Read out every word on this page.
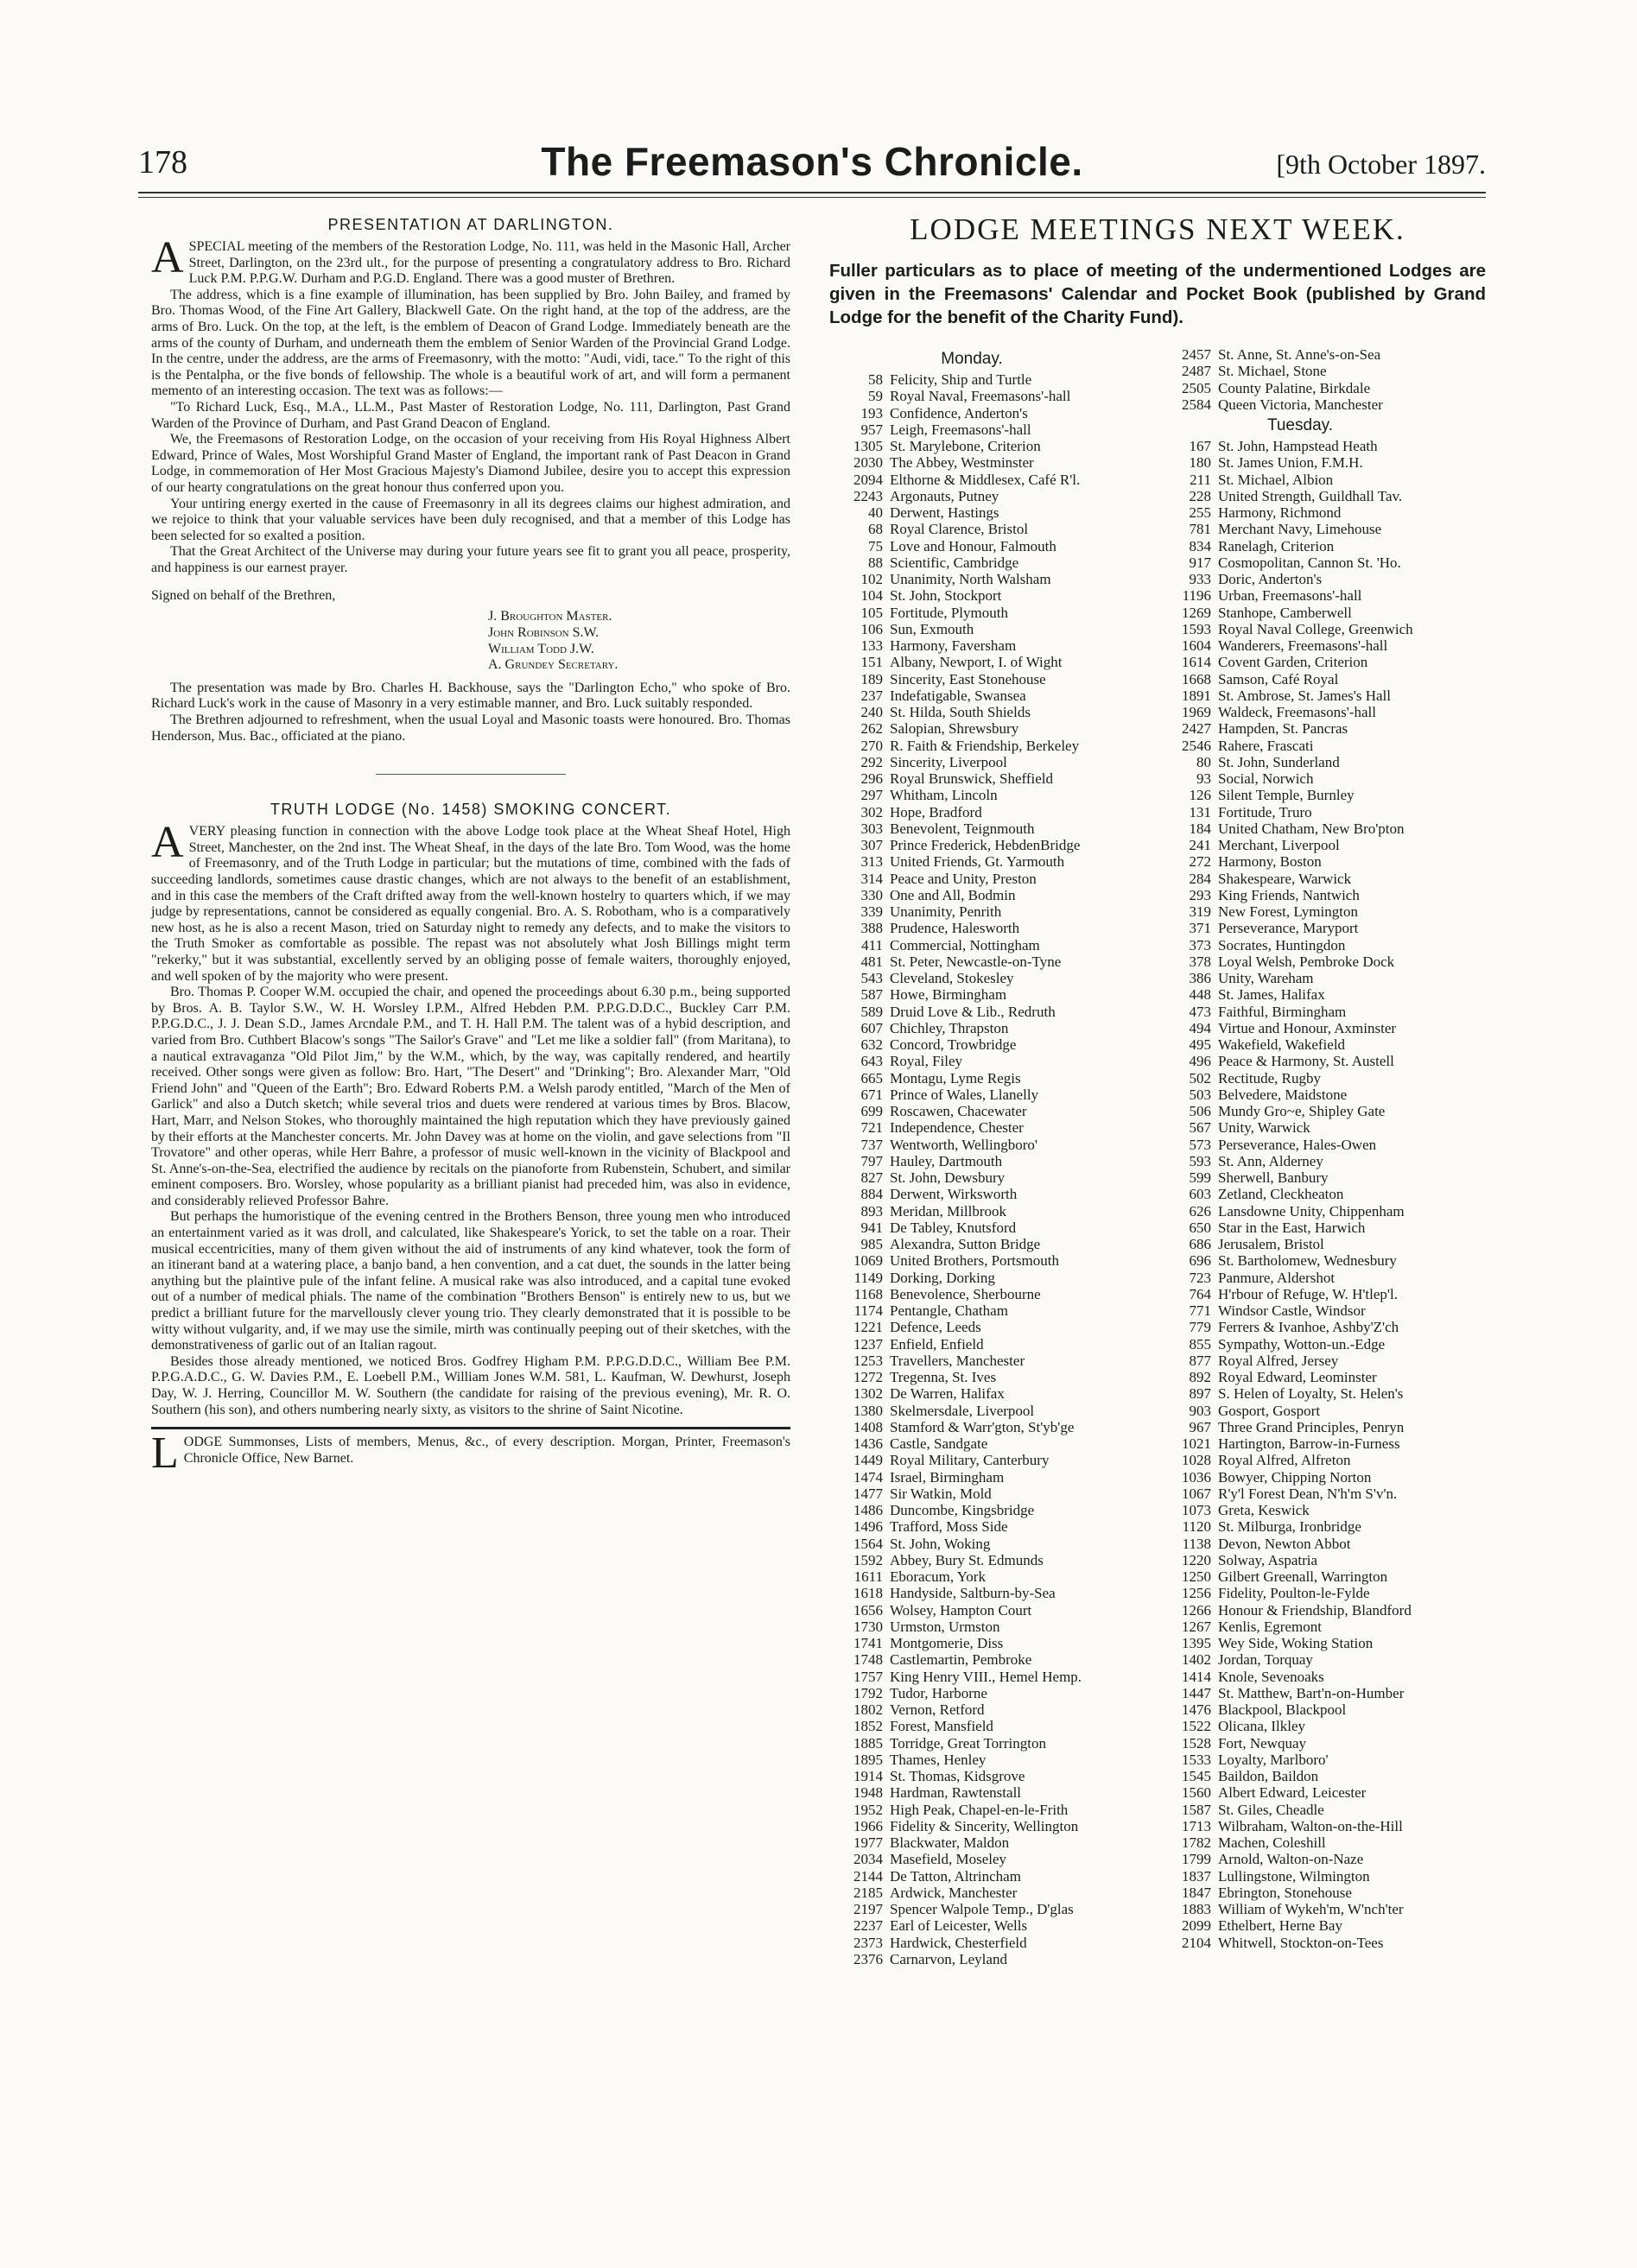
178	The Freemason's Chronicle.	[9th October 1897.
PRESENTATION AT DARLINGTON.

ASPECIAL meeting of the members of the Restoration Lodge, No. 111, was held in the Masonic Hall, Archer Street, Darlington, on the 23rd ult., for the purpose of presenting a congratulatory address to Bro. Richard Luck P.M. P.P.G.W. Durham and P.G.D. England. There was a good muster of Brethren.

The address, which is a fine example of illumination, has been supplied by Bro. John Bailey, and framed by Bro. Thomas Wood, of the Fine Art Gallery, Blackwell Gate. On the right hand, at the top of the address, are the arms of Bro. Luck. On the top, at the left, is the emblem of Deacon of Grand Lodge. Immediately beneath are the arms of the county of Durham, and underneath them the emblem of Senior Warden of the Provincial Grand Lodge. In the centre, under the address, are the arms of Freemasonry, with the motto: "Audi, vidi, tace." To the right of this is the Pentalpha, or the five bonds of fellowship. The whole is a beautiful work of art, and will form a permanent memento of an interesting occasion. The text was as follows:—

"To Richard Luck, Esq., M.A., LL.M., Past Master of Restoration Lodge, No. 111, Darlington, Past Grand Warden of the Province of Durham, and Past Grand Deacon of England.

We, the Freemasons of Restoration Lodge, on the occasion of your receiving from His Royal Highness Albert Edward, Prince of Wales, Most Worshipful Grand Master of England, the important rank of Past Deacon in Grand Lodge, in commemoration of Her Most Gracious Majesty's Diamond Jubilee, desire you to accept this expression of our hearty congratulations on the great honour thus conferred upon you.

Your untiring energy exerted in the cause of Freemasonry in all its degrees claims our highest admiration, and we rejoice to think that your valuable services have been duly recognised, and that a member of this Lodge has been selected for so exalted a position.

That the Great Architect of the Universe may during your future years see fit to grant you all peace, prosperity, and happiness is our earnest prayer.

Signed on behalf of the Brethren,
J. Broughton Master.
John Robinson S.W.
William Todd J.W.
A. Grundey Secretary.

The presentation was made by Bro. Charles H. Backhouse, says the "Darlington Echo," who spoke of Bro. Richard Luck's work in the cause of Masonry in a very estimable manner, and Bro. Luck suitably responded.

The Brethren adjourned to refreshment, when the usual Loyal and Masonic toasts were honoured. Bro. Thomas Henderson, Mus. Bac., officiated at the piano.

TRUTH LODGE (No. 1458) SMOKING CONCERT.

AVERY pleasing function in connection with the above Lodge took place at the Wheat Sheaf Hotel, High Street, Manchester, on the 2nd inst. The Wheat Sheaf, in the days of the late Bro. Tom Wood, was the home of Freemasonry, and of the Truth Lodge in particular; but the mutations of time, combined with the fads of succeeding landlords, sometimes cause drastic changes, which are not always to the benefit of an establishment, and in this case the members of the Craft drifted away from the well-known hostelry to quarters which, if we may judge by representations, cannot be considered as equally congenial. Bro. A. S. Robotham, who is a comparatively new host, as he is also a recent Mason, tried on Saturday night to remedy any defects, and to make the visitors to the Truth Smoker as comfortable as possible. The repast was not absolutely what Josh Billings might term "rekerky," but it was substantial, excellently served by an obliging posse of female waiters, thoroughly enjoyed, and well spoken of by the majority who were present.

Bro. Thomas P. Cooper W.M. occupied the chair, and opened the proceedings about 6.30 p.m., being supported by Bros. A. B. Taylor S.W., W. H. Worsley I.P.M., Alfred Hebden P.M. P.P.G.D.D.C., Buckley Carr P.M. P.P.G.D.C., J. J. Dean S.D., James Arcndale P.M., and T. H. Hall P.M. The talent was of a hybid description, and varied from Bro. Cuthbert Blacow's songs "The Sailor's Grave" and "Let me like a soldier fall" (from Maritana), to a nautical extravaganza "Old Pilot Jim," by the W.M., which, by the way, was capitally rendered, and heartily received. Other songs were given as follow: Bro. Hart, "The Desert" and "Drinking"; Bro. Alexander Marr, "Old Friend John" and "Queen of the Earth"; Bro. Edward Roberts P.M. a Welsh parody entitled, "March of the Men of Garlick" and also a Dutch sketch; while several trios and duets were rendered at various times by Bros. Blacow, Hart, Marr, and Nelson Stokes, who thoroughly maintained the high reputation which they have previously gained by their efforts at the Manchester concerts. Mr. John Davey was at home on the violin, and gave selections from "Il Trovatore" and other operas, while Herr Bahre, a professor of music well-known in the vicinity of Blackpool and St. Anne's-on-the-Sea, electrified the audience by recitals on the pianoforte from Rubenstein, Schubert, and similar eminent composers. Bro. Worsley, whose popularity as a brilliant pianist had preceded him, was also in evidence, and considerably relieved Professor Bahre.

But perhaps the humoristique of the evening centred in the Brothers Benson, three young men who introduced an entertainment varied as it was droll, and calculated, like Shakespeare's Yorick, to set the table on a roar. Their musical eccentricities, many of them given without the aid of instruments of any kind whatever, took the form of an itinerant band at a watering place, a banjo band, a hen convention, and a cat duet, the sounds in the latter being anything but the plaintive pule of the infant feline. A musical rake was also introduced, and a capital tune evoked out of a number of medical phials. The name of the combination "Brothers Benson" is entirely new to us, but we predict a brilliant future for the marvellously clever young trio. They clearly demonstrated that it is possible to be witty without vulgarity, and, if we may use the simile, mirth was continually peeping out of their sketches, with the demonstrativeness of garlic out of an Italian ragout.

Besides those already mentioned, we noticed Bros. Godfrey Higham P.M. P.P.G.D.D.C., William Bee P.M. P.P.G.A.D.C., G. W. Davies P.M., E. Loebell P.M., William Jones W.M. 581, L. Kaufman, W. Dewhurst, Joseph Day, W. J. Herring, Councillor M. W. Southern (the candidate for raising of the previous evening), Mr. R. O. Southern (his son), and others numbering nearly sixty, as visitors to the shrine of Saint Nicotine.

LODGE Summonses, Lists of members, Menus, &c., of every description. Morgan, Printer, Freemason's Chronicle Office, New Barnet.

LODGE MEETINGS NEXT WEEK.
Fuller particulars as to place of meeting of the undermentioned Lodges are given in the Freemasons' Calendar and Pocket Book (published by Grand Lodge for the benefit of the Charity Fund).
Monday.
58 Felicity, Ship and Turtle
59 Royal Naval, Freemasons'-hall
193 Confidence, Anderton's
957 Leigh, Freemasons'-hall
1305 St. Marylebone, Criterion
2030 The Abbey, Westminster
2094 Elthorne & Middlesex, Café R'l.
2243 Argonauts, Putney
40 Derwent, Hastings
68 Royal Clarence, Bristol
75 Love and Honour, Falmouth
88 Scientific, Cambridge
102 Unanimity, North Walsham
104 St. John, Stockport
105 Fortitude, Plymouth
106 Sun, Exmouth
133 Harmony, Faversham
151 Albany, Newport, I. of Wight
189 Sincerity, East Stonehouse
237 Indefatigable, Swansea
240 St. Hilda, South Shields
262 Salopian, Shrewsbury
270 R. Faith & Friendship, Berkeley
292 Sincerity, Liverpool
296 Royal Brunswick, Sheffield
297 Whitham, Lincoln
302 Hope, Bradford
303 Benevolent, Teignmouth
307 Prince Frederick, HebdenBridge
313 United Friends, Gt. Yarmouth
314 Peace and Unity, Preston
330 One and All, Bodmin
339 Unanimity, Penrith
388 Prudence, Halesworth
411 Commercial, Nottingham
481 St. Peter, Newcastle-on-Tyne
543 Cleveland, Stokesley
587 Howe, Birmingham
589 Druid Love & Lib., Redruth
607 Chichley, Thrapston
632 Concord, Trowbridge
643 Royal, Filey
665 Montagu, Lyme Regis
671 Prince of Wales, Llanelly
699 Roscawen, Chacewater
721 Independence, Chester
737 Wentworth, Wellingboro'
797 Hauley, Dartmouth
827 St. John, Dewsbury
884 Derwent, Wirksworth
893 Meridan, Millbrook
941 De Tabley, Knutsford
985 Alexandra, Sutton Bridge
1069 United Brothers, Portsmouth
1149 Dorking, Dorking
1168 Benevolence, Sherbourne
1174 Pentangle, Chatham
1221 Defence, Leeds
1237 Enfield, Enfield
1253 Travellers, Manchester
1272 Tregenna, St. Ives
1302 De Warren, Halifax
1380 Skelmersdale, Liverpool
1408 Stamford & Warr'gton, St'yb'ge
1436 Castle, Sandgate
1449 Royal Military, Canterbury
1474 Israel, Birmingham
1477 Sir Watkin, Mold
1486 Duncombe, Kingsbridge
1496 Trafford, Moss Side
1564 St. John, Woking
1592 Abbey, Bury St. Edmunds
1611 Eboracum, York
1618 Handyside, Saltburn-by-Sea
1656 Wolsey, Hampton Court
1730 Urmston, Urmston
1741 Montgomerie, Diss
1748 Castlemartin, Pembroke
1757 King Henry VIII., Hemel Hemp.
1792 Tudor, Harborne
1802 Vernon, Retford
1852 Forest, Mansfield
1885 Torridge, Great Torrington
1895 Thames, Henley
1914 St. Thomas, Kidsgrove
1948 Hardman, Rawtenstall
1952 High Peak, Chapel-en-le-Frith
1966 Fidelity & Sincerity, Wellington
1977 Blackwater, Maldon
2034 Masefield, Moseley
2144 De Tatton, Altrincham
2185 Ardwick, Manchester
2197 Spencer Walpole Temp., D'glas
2237 Earl of Leicester, Wells
2373 Hardwick, Chesterfield
2376 Carnarvon, Leyland
2457 St. Anne, St. Anne's-on-Sea
2487 St. Michael, Stone
2505 County Palatine, Birkdale
2584 Queen Victoria, Manchester
Tuesday.
167 St. John, Hampstead Heath
180 St. James Union, F.M.H.
211 St. Michael, Albion
228 United Strength, Guildhall Tav.
255 Harmony, Richmond
781 Merchant Navy, Limehouse
834 Ranelagh, Criterion
917 Cosmopolitan, Cannon St. 'Ho.
933 Doric, Anderton's
1196 Urban, Freemasons'-hall
1269 Stanhope, Camberwell
1593 Royal Naval College, Greenwich
1604 Wanderers, Freemasons'-hall
1614 Covent Garden, Criterion
1668 Samson, Café Royal
1891 St. Ambrose, St. James's Hall
1969 Waldeck, Freemasons'-hall
2427 Hampden, St. Pancras
2546 Rahere, Frascati
80 St. John, Sunderland
93 Social, Norwich
126 Silent Temple, Burnley
131 Fortitude, Truro
184 United Chatham, New Bro'pton
241 Merchant, Liverpool
272 Harmony, Boston
284 Shakespeare, Warwick
293 King Friends, Nantwich
319 New Forest, Lymington
371 Perseverance, Maryport
373 Socrates, Huntingdon
378 Loyal Welsh, Pembroke Dock
386 Unity, Wareham
448 St. James, Halifax
473 Faithful, Birmingham
494 Virtue and Honour, Axminster
495 Wakefield, Wakefield
496 Peace & Harmony, St. Austell
502 Rectitude, Rugby
503 Belvedere, Maidstone
506 Mundy Gro~e, Shipley Gate
567 Unity, Warwick
573 Perseverance, Hales-Owen
593 St. Ann, Alderney
599 Sherwell, Banbury
603 Zetland, Cleckheaton
626 Lansdowne Unity, Chippenham
650 Star in the East, Harwich
686 Jerusalem, Bristol
696 St. Bartholomew, Wednesbury
723 Panmure, Aldershot
764 H'rbour of Refuge, W. H'tlep'l.
771 Windsor Castle, Windsor
779 Ferrers & Ivanhoe, Ashby'Z'ch
855 Sympathy, Wotton-un.-Edge
877 Royal Alfred, Jersey
892 Royal Edward, Leominster
897 S. Helen of Loyalty, St. Helen's
903 Gosport, Gosport
967 Three Grand Principles, Penryn
1021 Hartington, Barrow-in-Furness
1028 Royal Alfred, Alfreton
1036 Bowyer, Chipping Norton
1067 R'y'l Forest Dean, N'h'm S'v'n.
1073 Greta, Keswick
1120 St. Milburga, Ironbridge
1138 Devon, Newton Abbot
1220 Solway, Aspatria
1250 Gilbert Greenall, Warrington
1256 Fidelity, Poulton-le-Fylde
1266 Honour & Friendship, Blandford
1267 Kenlis, Egremont
1395 Wey Side, Woking Station
1402 Jordan, Torquay
1414 Knole, Sevenoaks
1447 St. Matthew, Bart'n-on-Humber
1476 Blackpool, Blackpool
1522 Olicana, Ilkley
1528 Fort, Newquay
1533 Loyalty, Marlboro'
1545 Baildon, Baildon
1560 Albert Edward, Leicester
1587 St. Giles, Cheadle
1713 Wilbraham, Walton-on-the-Hill
1782 Machen, Coleshill
1799 Arnold, Walton-on-Naze
1837 Lullingstone, Wilmington
1847 Ebrington, Stonehouse
1883 William of Wykeh'm, W'nch'ter
2099 Ethelbert, Herne Bay
2104 Whitwell, Stockton-on-Tees
